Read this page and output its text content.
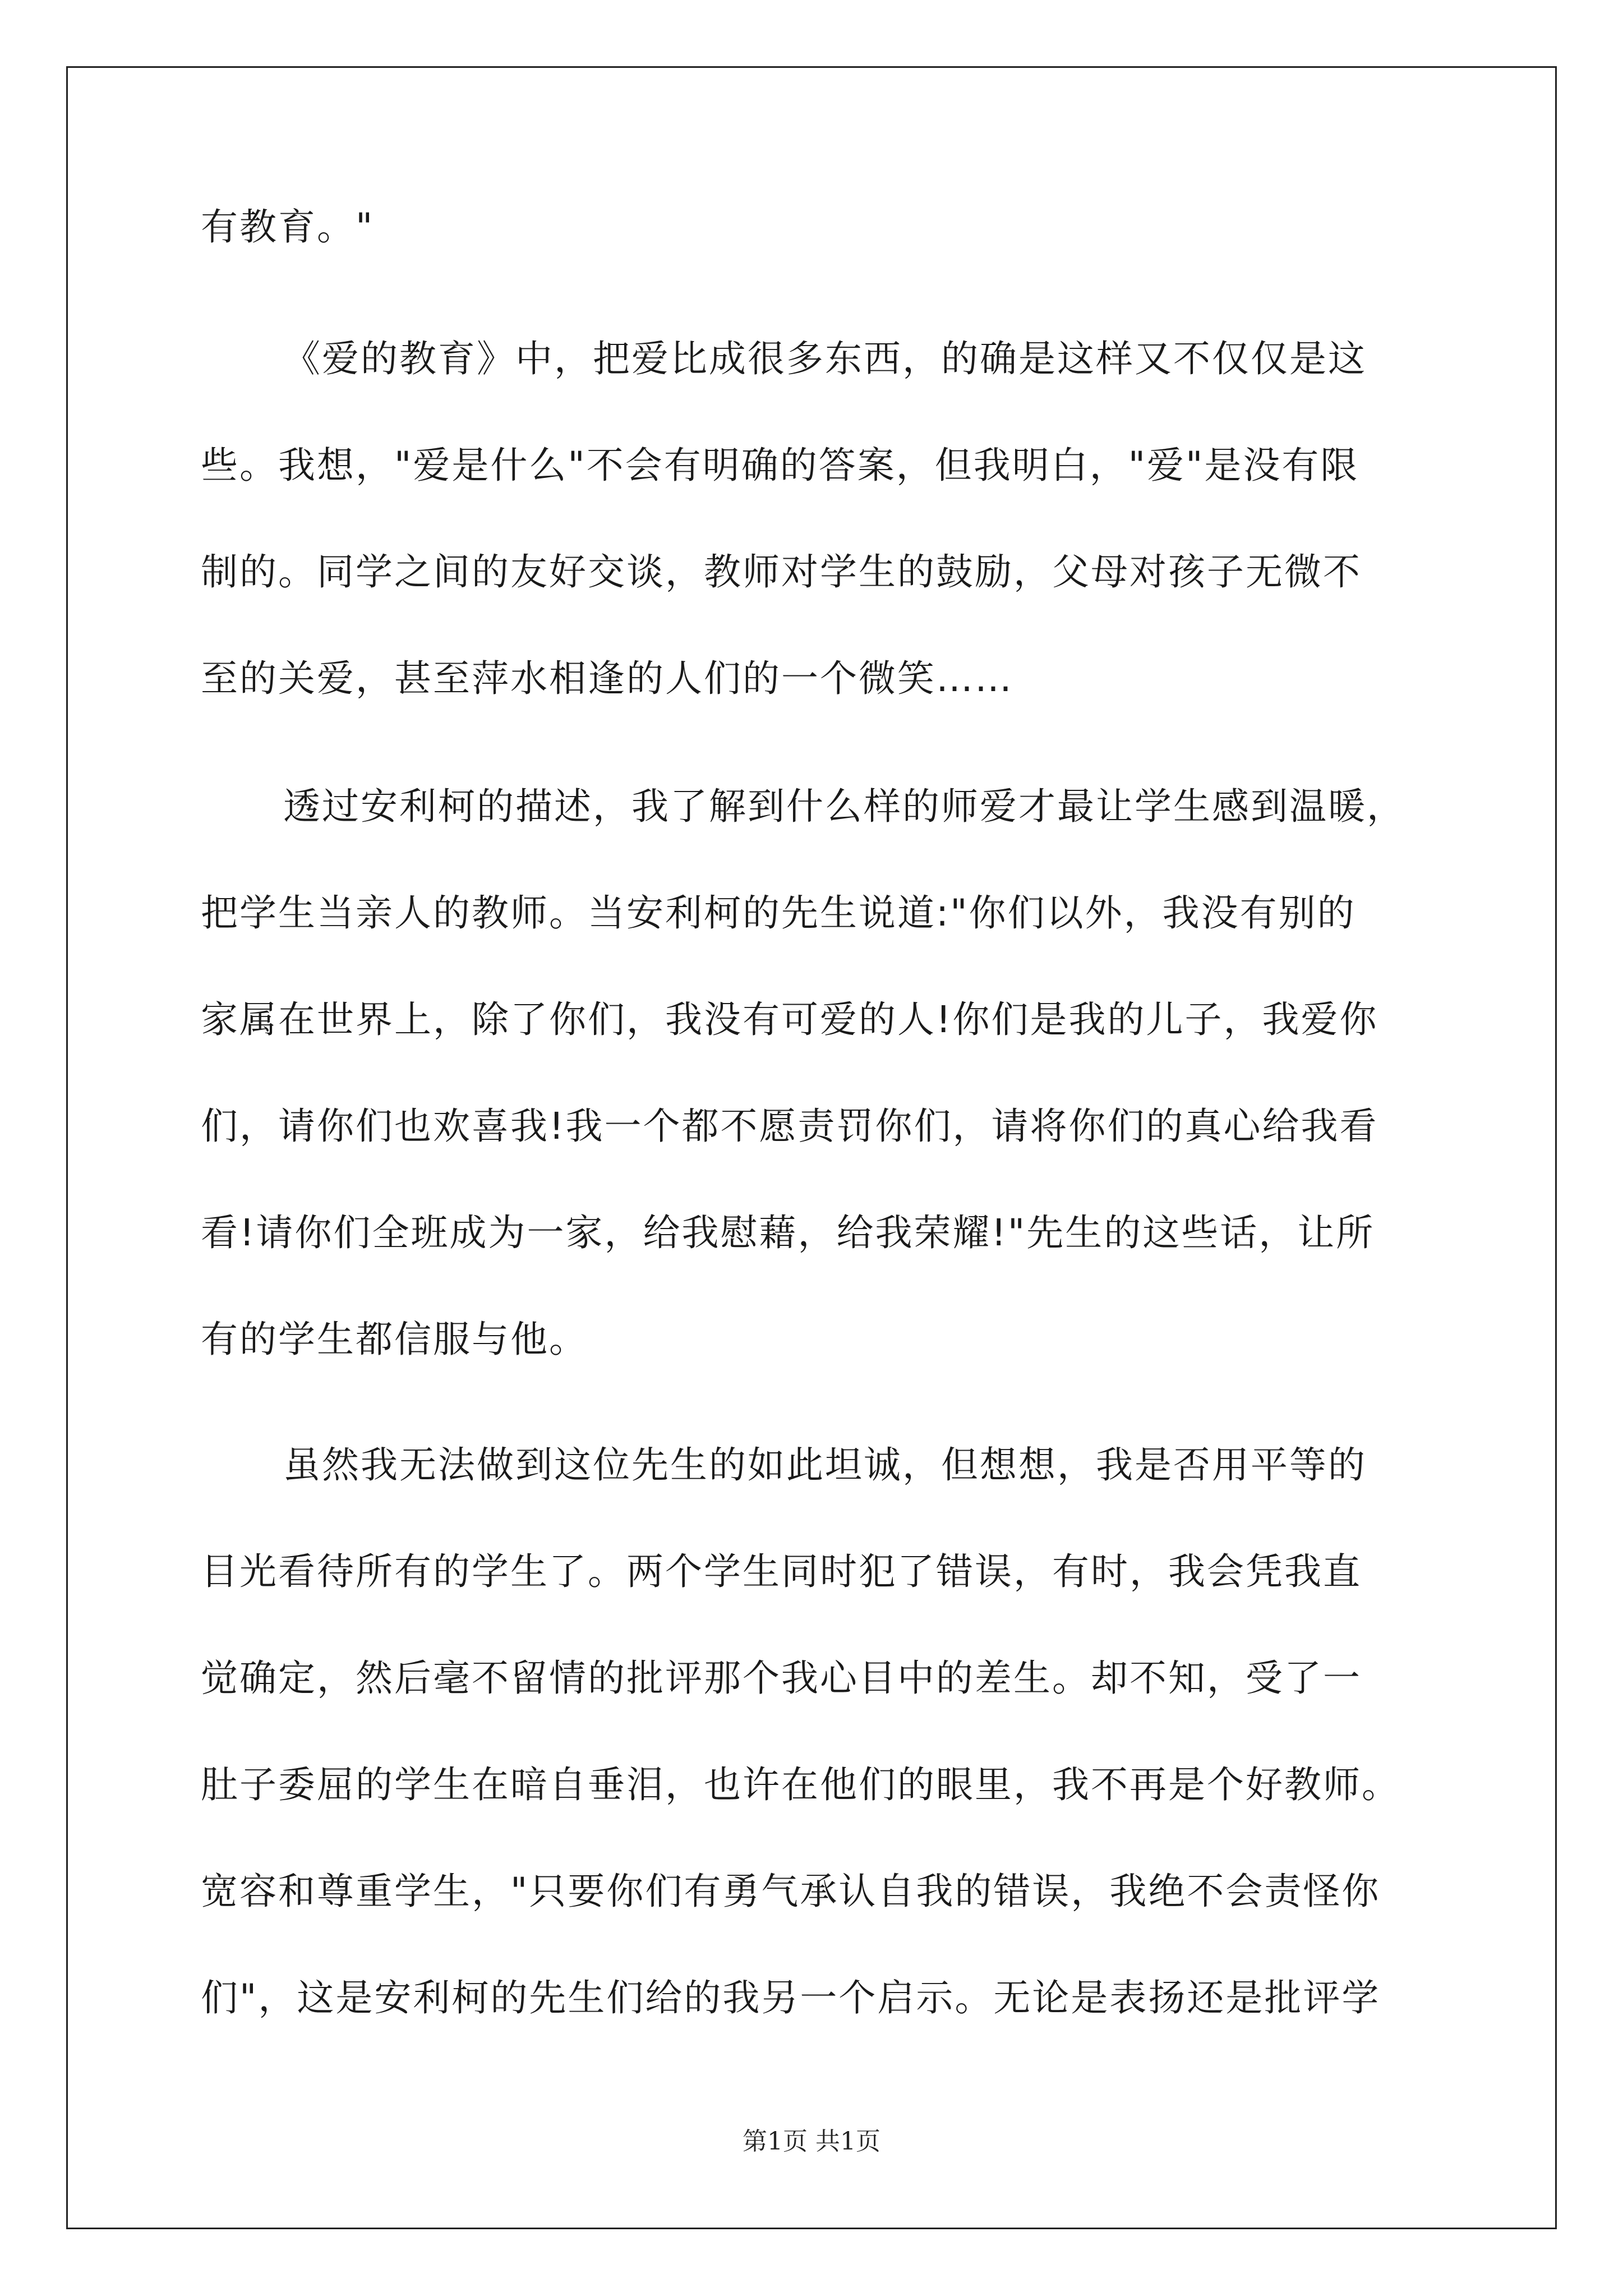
有教育。"
《爱的教育》中，把爱比成很多东西，的确是这样又不仅仅是这
些。我想，"爱是什么"不会有明确的答案，但我明白，"爱"是没有限
制的。同学之间的友好交谈，教师对学生的鼓励，父母对孩子无微不
至的关爱，甚至萍水相逢的人们的一个微笑……
透过安利柯的描述，我了解到什么样的师爱才最让学生感到温暖，
把学生当亲人的教师。当安利柯的先生说道:"你们以外，我没有别的
家属在世界上，除了你们，我没有可爱的人!你们是我的儿子，我爱你
们，请你们也欢喜我!我一个都不愿责罚你们，请将你们的真心给我看
看!请你们全班成为一家，给我慰藉，给我荣耀!"先生的这些话，让所
有的学生都信服与他。
虽然我无法做到这位先生的如此坦诚，但想想，我是否用平等的
目光看待所有的学生了。两个学生同时犯了错误，有时，我会凭我直
觉确定，然后毫不留情的批评那个我心目中的差生。却不知，受了一
肚子委屈的学生在暗自垂泪，也许在他们的眼里，我不再是个好教师。
宽容和尊重学生，"只要你们有勇气承认自我的错误，我绝不会责怪你
们"，这是安利柯的先生们给的我另一个启示。无论是表扬还是批评学
第1页 共1页
